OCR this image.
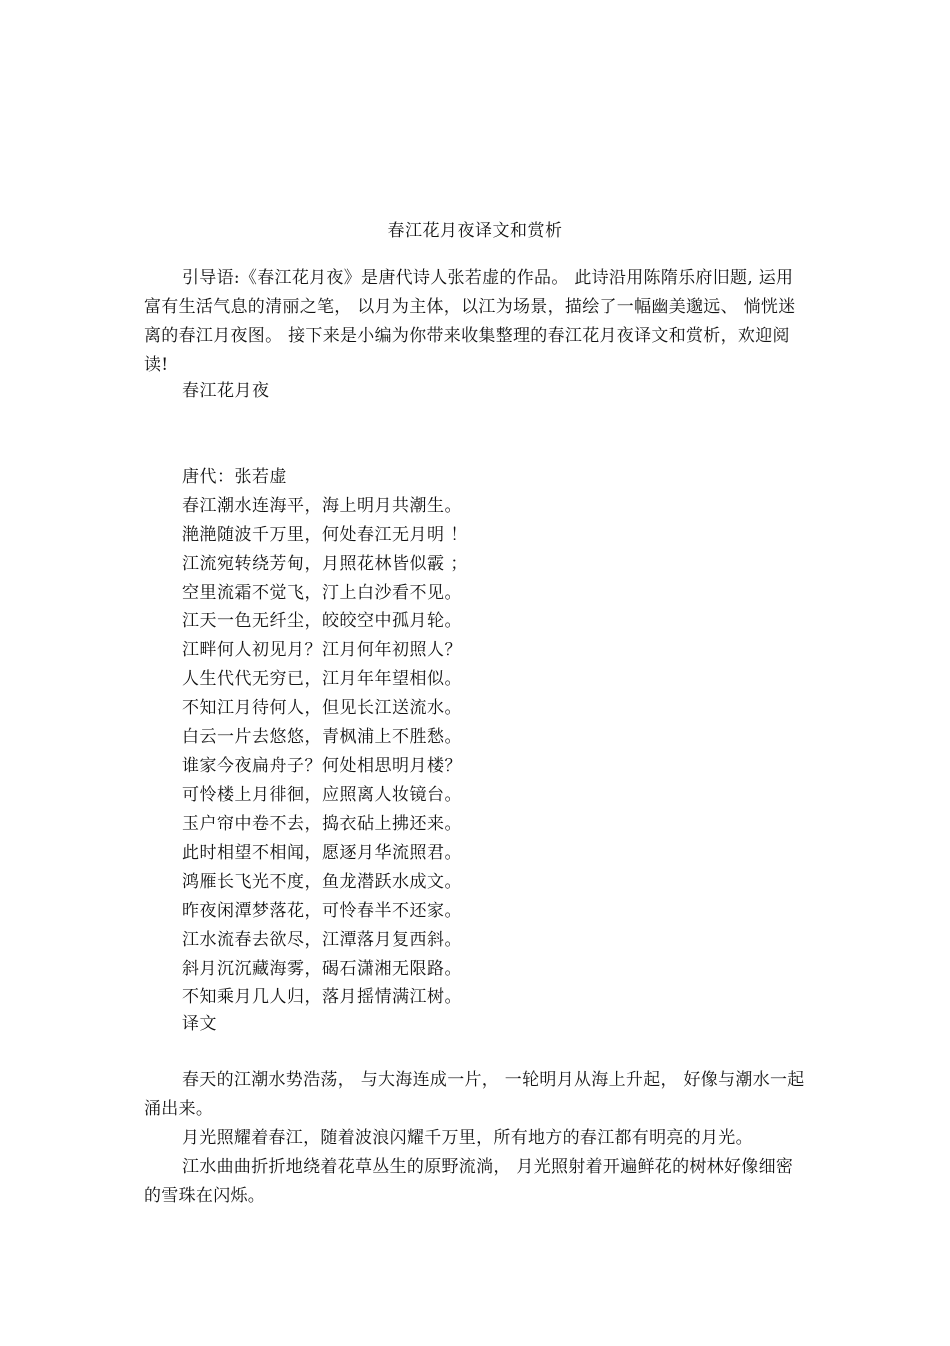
春江花月夜译文和赏析
引导语:《春江花月夜》是唐代诗人张若虚的作品。 此诗沿用陈隋乐府旧题, 运用富有生活气息的清丽之笔， 以月为主体，以江为场景，描绘了一幅幽美邈远、 惝恍迷离的春江月夜图。 接下来是小编为你带来收集整理的春江花月夜译文和赏析，欢迎阅读!
春江花月夜
唐代：张若虚
春江潮水连海平，海上明月共潮生。
滟滟随波千万里，何处春江无月明 ！
江流宛转绕芳甸，月照花林皆似霰 ；
空里流霜不觉飞，汀上白沙看不见。
江天一色无纤尘，皎皎空中孤月轮。
江畔何人初见月？江月何年初照人？
人生代代无穷已，江月年年望相似。
不知江月待何人，但见长江送流水。
白云一片去悠悠，青枫浦上不胜愁。
谁家今夜扁舟子？何处相思明月楼？
可怜楼上月徘徊，应照离人妆镜台。
玉户帘中卷不去，捣衣砧上拂还来。
此时相望不相闻，愿逐月华流照君。
鸿雁长飞光不度，鱼龙潜跃水成文。
昨夜闲潭梦落花，可怜春半不还家。
江水流春去欲尽，江潭落月复西斜。
斜月沉沉藏海雾，碣石潇湘无限路。
不知乘月几人归，落月摇情满江树。
译文
春天的江潮水势浩荡， 与大海连成一片， 一轮明月从海上升起， 好像与潮水一起涌出来。
月光照耀着春江，随着波浪闪耀千万里，所有地方的春江都有明亮的月光。
江水曲曲折折地绕着花草丛生的原野流淌， 月光照射着开遍鲜花的树林好像细密的雪珠在闪烁。
